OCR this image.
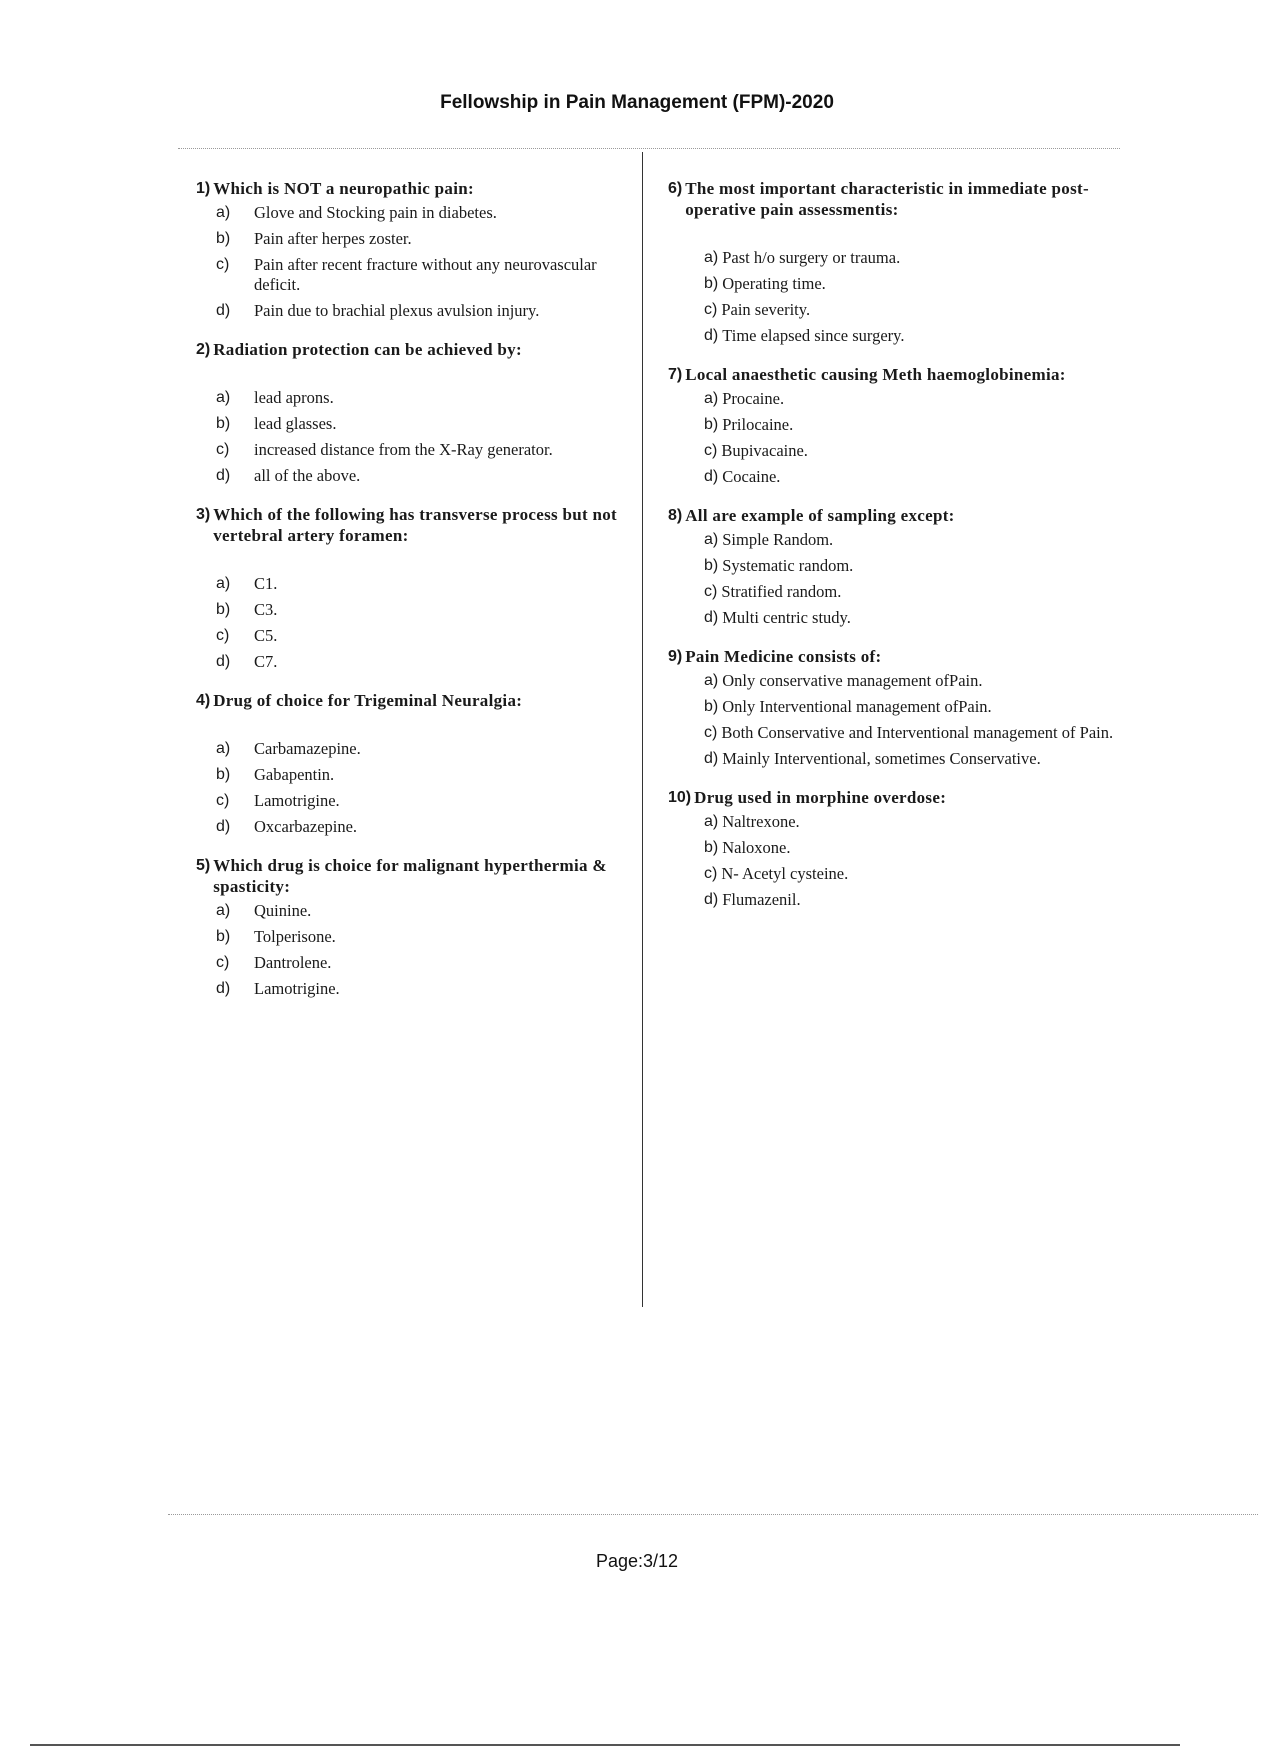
Fellowship in Pain Management (FPM)-2020
1) Which is NOT a neuropathic pain:
a)	Glove and Stocking pain in diabetes.
b)	Pain after herpes zoster.
c)	Pain after recent fracture without any neurovascular deficit.
d)	Pain due to brachial plexus avulsion injury.
2) Radiation protection can be achieved by:
a)	lead aprons.
b)	lead glasses.
c)	increased distance from the X-Ray generator.
d)	all of the above.
3) Which of the following has transverse process but not vertebral artery foramen:
a)	C1.
b)	C3.
c)	C5.
d)	C7.
4) Drug of choice for Trigeminal Neuralgia:
a)	Carbamazepine.
b)	Gabapentin.
c)	Lamotrigine.
d)	Oxcarbazepine.
5) Which drug is choice for malignant hyperthermia & spasticity:
a)	Quinine.
b)	Tolperisone.
c)	Dantrolene.
d)	Lamotrigine.
6) The most important characteristic in immediate post-operative pain assessmentis:
a) Past h/o surgery or trauma.
b) Operating time.
c) Pain severity.
d) Time elapsed since surgery.
7) Local anaesthetic causing Meth haemoglobinemia:
a) Procaine.
b) Prilocaine.
c) Bupivacaine.
d) Cocaine.
8) All are example of sampling except:
a) Simple Random.
b) Systematic random.
c) Stratified random.
d) Multi centric study.
9) Pain Medicine consists of:
a) Only conservative management ofPain.
b) Only Interventional management ofPain.
c) Both Conservative and Interventional management of Pain.
d) Mainly Interventional, sometimes Conservative.
10) Drug used in morphine overdose:
a) Naltrexone.
b) Naloxone.
c) N- Acetyl cysteine.
d) Flumazenil.
Page:3/12
